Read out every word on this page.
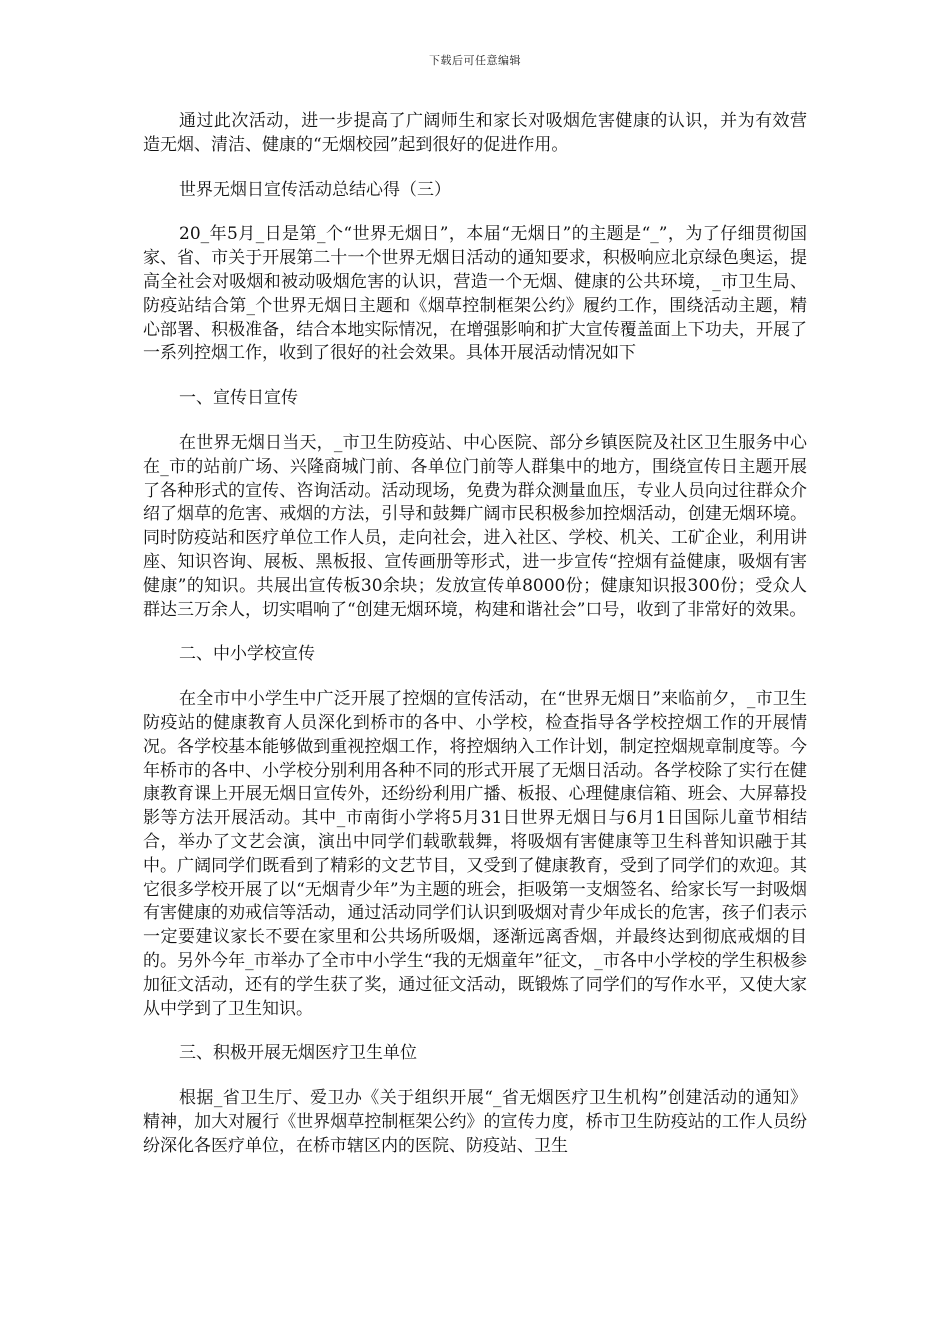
下载后可任意编辑

通过此次活动，进一步提高了广阔师生和家长对吸烟危害健康的认识，并为有效营造无烟、清洁、健康的“无烟校园”起到很好的促进作用。

世界无烟日宣传活动总结心得（三）

20_年5月_日是第_个“世界无烟日”，本届“无烟日”的主题是“_”，为了仔细贯彻国家、省、市关于开展第二十一个世界无烟日活动的通知要求，积极响应北京绿色奥运，提高全社会对吸烟和被动吸烟危害的认识，营造一个无烟、健康的公共环境，_市卫生局、防疫站结合第_个世界无烟日主题和《烟草控制框架公约》履约工作，围绕活动主题，精心部署、积极准备，结合本地实际情况，在增强影响和扩大宣传覆盖面上下功夫，开展了一系列控烟工作，收到了很好的社会效果。具体开展活动情况如下

一、宣传日宣传

在世界无烟日当天，_市卫生防疫站、中心医院、部分乡镇医院及社区卫生服务中心在_市的站前广场、兴隆商城门前、各单位门前等人群集中的地方，围绕宣传日主题开展了各种形式的宣传、咨询活动。活动现场，免费为群众测量血压，专业人员向过往群众介绍了烟草的危害、戒烟的方法，引导和鼓舞广阔市民积极参加控烟活动，创建无烟环境。同时防疫站和医疗单位工作人员，走向社会，进入社区、学校、机关、工矿企业，利用讲座、知识咨询、展板、黑板报、宣传画册等形式，进一步宣传“控烟有益健康，吸烟有害健康”的知识。共展出宣传板30余块；发放宣传单8000份；健康知识报300份；受众人群达三万余人，切实唱响了“创建无烟环境，构建和谐社会”口号，收到了非常好的效果。

二、中小学校宣传

在全市中小学生中广泛开展了控烟的宣传活动，在“世界无烟日”来临前夕，_市卫生防疫站的健康教育人员深化到桥市的各中、小学校，检查指导各学校控烟工作的开展情况。各学校基本能够做到重视控烟工作，将控烟纳入工作计划，制定控烟规章制度等。今年桥市的各中、小学校分别利用各种不同的形式开展了无烟日活动。各学校除了实行在健康教育课上开展无烟日宣传外，还纷纷利用广播、板报、心理健康信箱、班会、大屏幕投影等方法开展活动。其中_市南街小学将5月31日世界无烟日与6月1日国际儿童节相结合，举办了文艺会演，演出中同学们载歌载舞，将吸烟有害健康等卫生科普知识融于其中。广阔同学们既看到了精彩的文艺节目，又受到了健康教育，受到了同学们的欢迎。其它很多学校开展了以“无烟青少年”为主题的班会，拒吸第一支烟签名、给家长写一封吸烟有害健康的劝戒信等活动，通过活动同学们认识到吸烟对青少年成长的危害，孩子们表示一定要建议家长不要在家里和公共场所吸烟，逐渐远离香烟，并最终达到彻底戒烟的目的。另外今年_市举办了全市中小学生“我的无烟童年”征文，_市各中小学校的学生积极参加征文活动，还有的学生获了奖，通过征文活动，既锻炼了同学们的写作水平，又使大家从中学到了卫生知识。

三、积极开展无烟医疗卫生单位

根据_省卫生厅、爱卫办《关于组织开展“_省无烟医疗卫生机构”创建活动的通知》精神，加大对履行《世界烟草控制框架公约》的宣传力度，桥市卫生防疫站的工作人员纷纷深化各医疗单位，在桥市辖区内的医院、防疫站、卫生
